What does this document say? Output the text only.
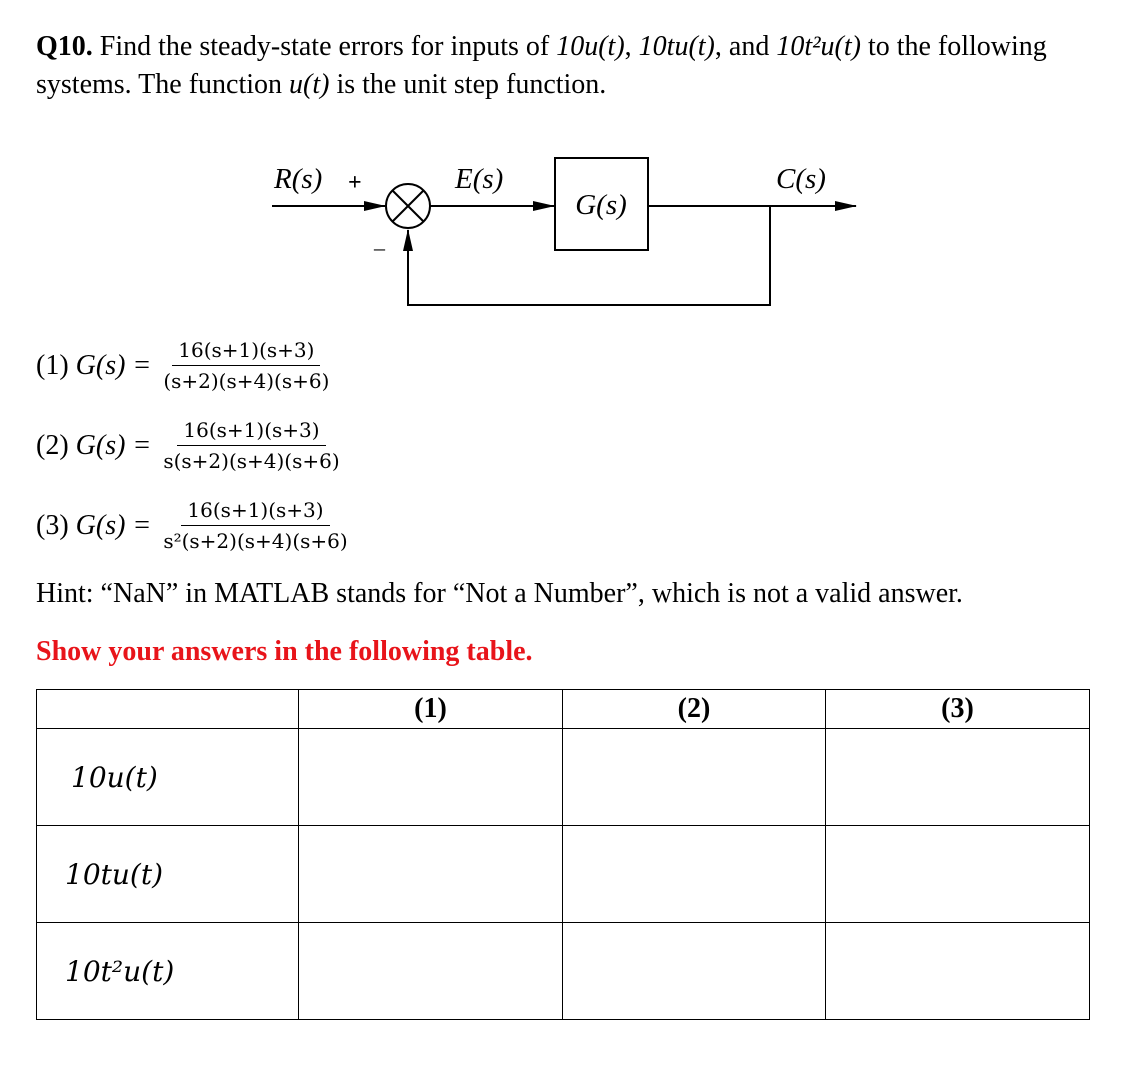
Q10. Find the steady-state errors for inputs of 10u(t), 10tu(t), and 10t²u(t) to the following systems. The function u(t) is the unit step function.
R(s) +
–
E(s)
G(s)
C(s)
(1) $G(s) = \frac{16(s+1)(s+3)}{(s+2)(s+4)(s+6)}$
(2) $G(s) = \frac{16(s+1)(s+3)}{s(s+2)(s+4)(s+6)}$
(3) $G(s) = \frac{16(s+1)(s+3)}{\text{s²(s+2)(s+4)(s+6)}}$
Hint: “NaN” in MATLAB stands for “Not a Number”, which is not a valid answer.
Show your answers in the following table.
	(1)	(2)	(3)
10u(t)			
10tu(t)			
10t²u(t)			
